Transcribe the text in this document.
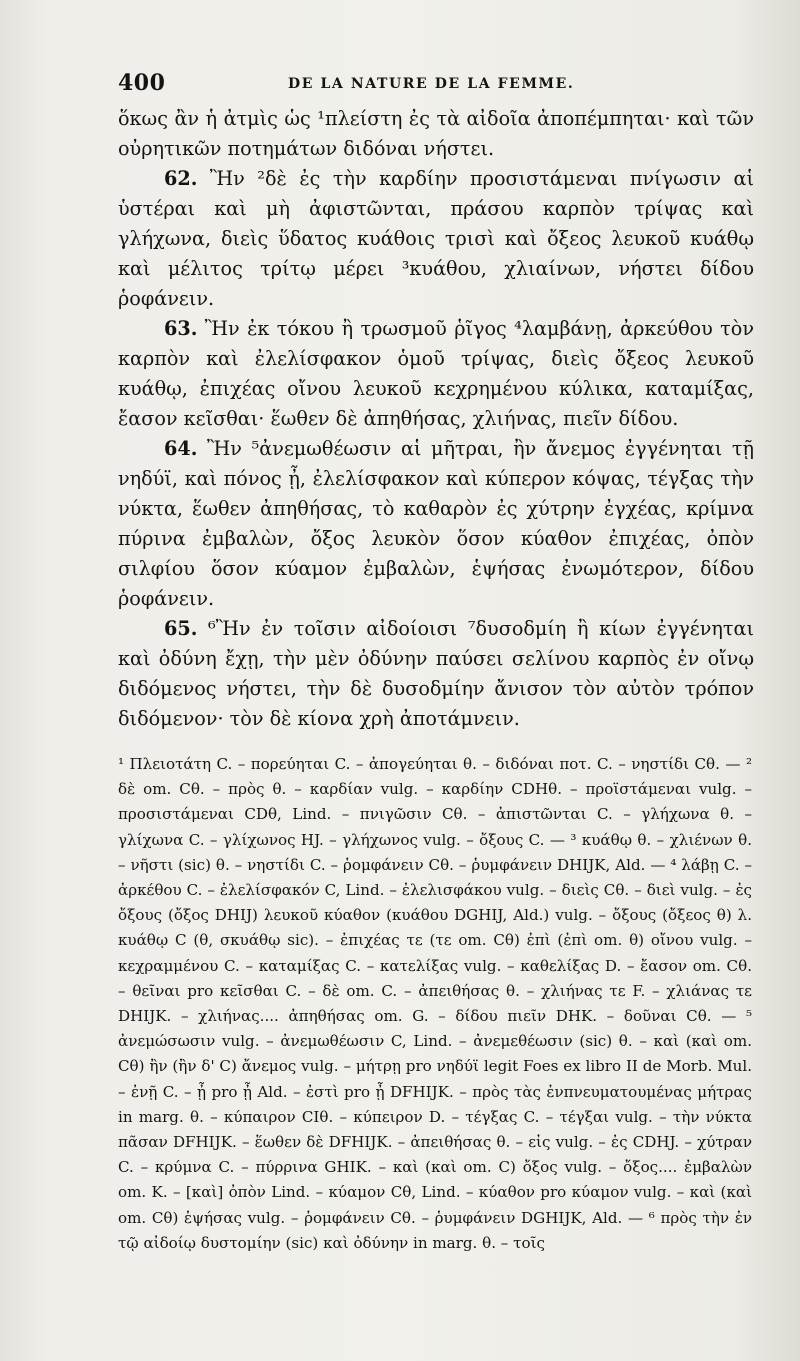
400	DE LA NATURE DE LA FEMME.

ὅκως ἂν ἡ ἀτμὶς ὡς ¹πλείστη ἐς τὰ αἰδοῖα ἀποπέμπηται· καὶ τῶν οὐρητικῶν ποτημάτων διδόναι νήστει.

62. Ἢν ²δὲ ἐς τὴν καρδίην προσιστάμεναι πνίγωσιν αἱ ὑστέραι καὶ μὴ ἀφιστῶνται, πράσου καρπὸν τρίψας καὶ γλήχωνα, διεὶς ὕδατος κυάθοις τρισὶ καὶ ὄξεος λευκοῦ κυάθῳ καὶ μέλιτος τρίτῳ μέρει ³κυάθου, χλιαίνων, νήστει δίδου ῥοφάνειν.

63. Ἢν ἐκ τόκου ἢ τρωσμοῦ ῥῖγος ⁴λαμβάνῃ, ἀρκεύθου τὸν καρπὸν καὶ ἐλελίσφακον ὁμοῦ τρίψας, διεὶς ὄξεος λευκοῦ κυάθῳ, ἐπιχέας οἴνου λευκοῦ κεχρημένου κύλικα, καταμίξας, ἔασον κεῖσθαι· ἕωθεν δὲ ἀπηθήσας, χλιήνας, πιεῖν δίδου.

64. Ἢν ⁵ἀνεμωθέωσιν αἱ μῆτραι, ἢν ἄνεμος ἐγγένηται τῇ νηδύϊ, καὶ πόνος ᾖ, ἐλελίσφακον καὶ κύπερον κόψας, τέγξας τὴν νύκτα, ἕωθεν ἀπηθήσας, τὸ καθαρὸν ἐς χύτρην ἐγχέας, κρίμνα πύρινα ἐμβαλὼν, ὄξος λευκὸν ὅσον κύαθον ἐπιχέας, ὀπὸν σιλφίου ὅσον κύαμον ἐμβαλὼν, ἑψήσας ἐνωμότερον, δίδου ῥοφάνειν.

65. ⁶Ἢν ἐν τοῖσιν αἰδοίοισι ⁷δυσοδμίη ἢ κίων ἐγγένηται καὶ ὀδύνη ἔχῃ, τὴν μὲν ὀδύνην παύσει σελίνου καρπὸς ἐν οἴνῳ διδόμενος νήστει, τὴν δὲ δυσοδμίην ἄνισον τὸν αὐτὸν τρόπον διδόμενον· τὸν δὲ κίονα χρὴ ἀποτάμνειν.

¹ Πλειοτάτη C. – πορεύηται C. – ἀπογεύηται θ. – διδόναι ποτ. C. – νηστίδι Cθ. — ² δὲ om. Cθ. – πρὸς θ. – καρδίαν vulg. – καρδίην CDHθ. – προϊστάμεναι vulg. – προσιστάμεναι CDθ, Lind. – πνιγῶσιν Cθ. – ἀπιστῶνται C. – γλήχωνα θ. – γλίχωνα C. – γλίχωνος HJ. – γλήχωνος vulg. – ὄξους C. — ³ κυάθῳ θ. – χλιένων θ. – νῆστι (sic) θ. – νηστίδι C. – ῥομφάνειν Cθ. – ῥυμφάνειν DHIJK, Ald. — ⁴ λάβῃ C. – ἀρκέθου C. – ἐλελίσφακόν C, Lind. – ἐλελισφάκου vulg. – διεὶς Cθ. – διεὶ vulg. – ἐς ὄξους (ὄξος DHIJ) λευκοῦ κύαθον (κυάθου DGHIJ, Ald.) vulg. – ὄξους (ὄξεος θ) λ. κυάθῳ C (θ, σκυάθῳ sic). – ἐπιχέας τε (τε om. Cθ) ἐπὶ (ἐπὶ om. θ) οἴνου vulg. – κεχραμμένου C. – καταμίξας C. – κατελίξας vulg. – καθελίξας D. – ἔασον om. Cθ. – θεῖναι pro κεῖσθαι C. – δὲ om. C. – ἀπειθήσας θ. – χλιήνας τε F. – χλιάνας τε DHIJK. – χλιήνας.... ἀπηθήσας om. G. – δίδου πιεῖν DHK. – δοῦναι Cθ. — ⁵ ἀνεμώσωσιν vulg. – ἀνεμωθέωσιν C, Lind. – ἀνεμεθέωσιν (sic) θ. – καὶ (καὶ om. Cθ) ἢν (ἢν δ' C) ἄνεμος vulg. – μήτρῃ pro νηδύϊ legit Foes ex libro II de Morb. Mul. – ἐνῇ C. – ᾖ pro ᾖ Ald. – ἐστὶ pro ᾖ DFHIJK. – πρὸς τὰς ἐνπνευματουμένας μήτρας in marg. θ. – κύπαιρον CIθ. – κύπειρον D. – τέγξας C. – τέγξαι vulg. – τὴν νύκτα πᾶσαν DFHIJK. – ἕωθεν δὲ DFHIJK. – ἀπειθήσας θ. – εἰς vulg. – ἐς CDHJ. – χύτραν C. – κρύμνα C. – πύρρινα GHIK. – καὶ (καὶ om. C) ὄξος vulg. – ὄξος.... ἐμβαλὼν om. K. – [καὶ] ὀπὸν Lind. – κύαμον Cθ, Lind. – κύαθον pro κύαμον vulg. – καὶ (καὶ om. Cθ) ἑψήσας vulg. – ῥομφάνειν Cθ. – ῥυμφάνειν DGHIJK, Ald. — ⁶ πρὸς τὴν ἐν τῷ αἰδοίῳ δυστομίην (sic) καὶ ὀδύνην in marg. θ. – τοῖς
